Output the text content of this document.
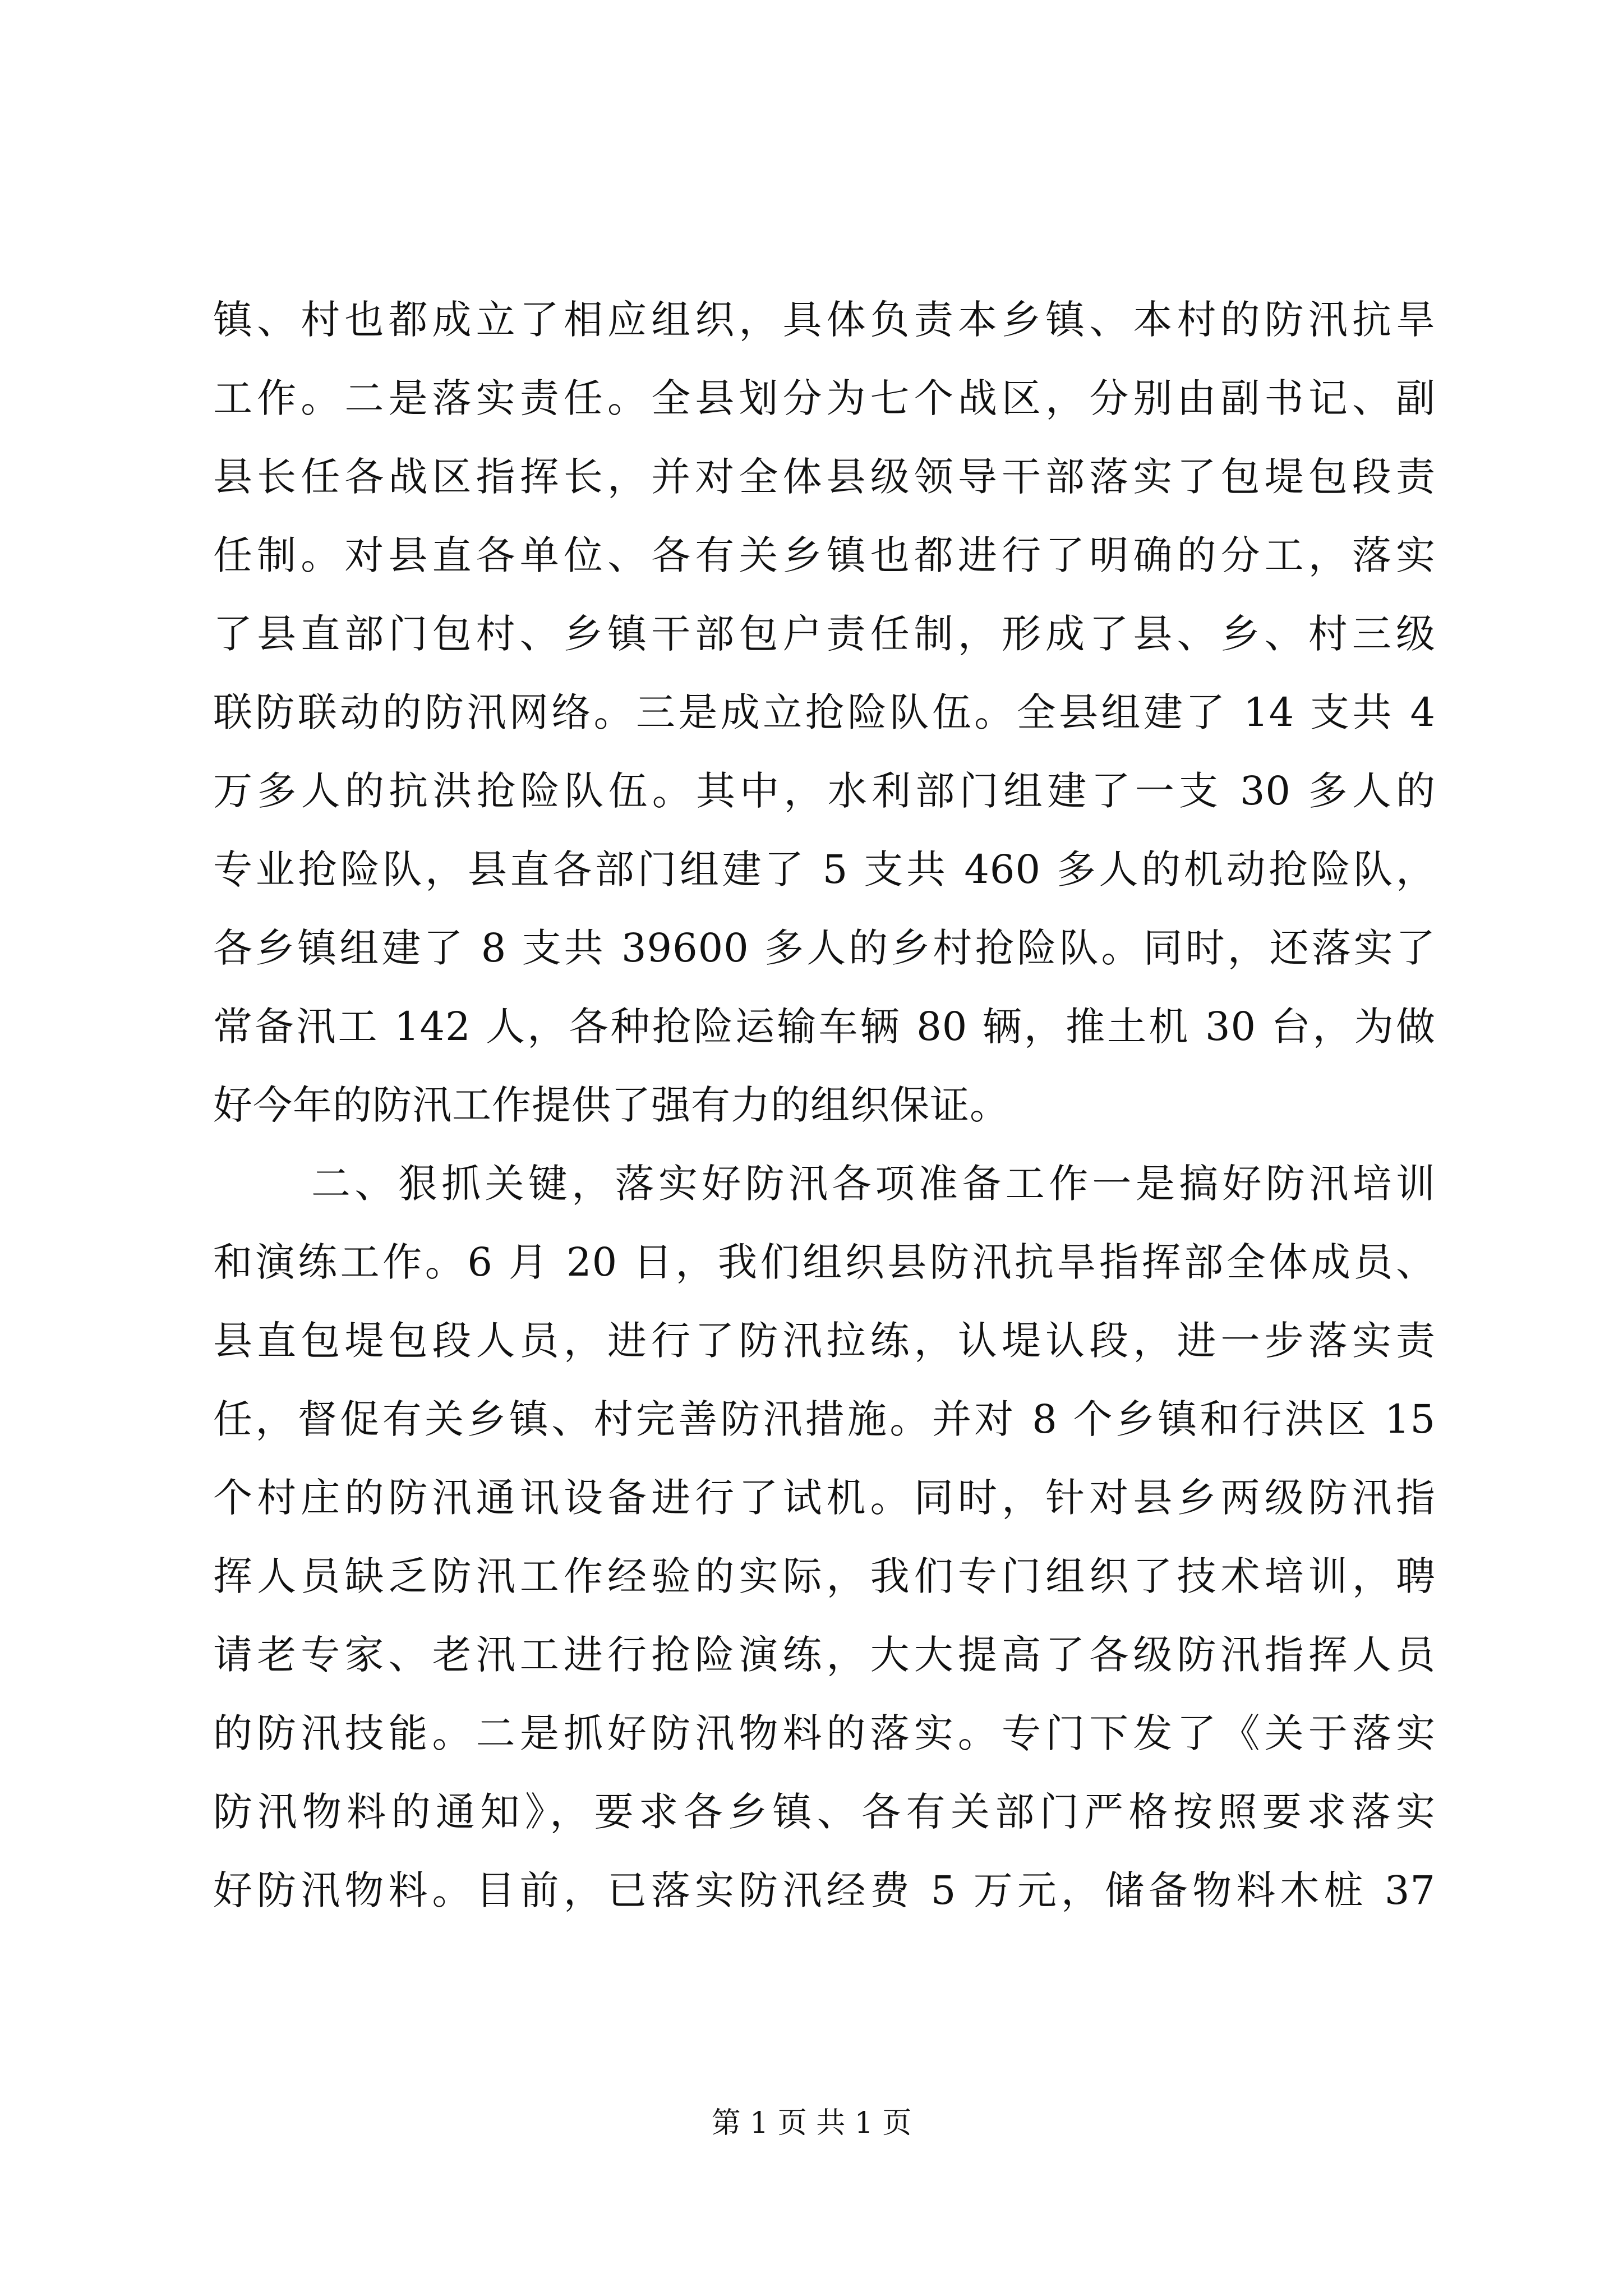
镇、村也都成立了相应组织，具体负责本乡镇、本村的防汛抗旱
工作。二是落实责任。全县划分为七个战区，分别由副书记、副
县长任各战区指挥长，并对全体县级领导干部落实了包堤包段责
任制。对县直各单位、各有关乡镇也都进行了明确的分工，落实
了县直部门包村、乡镇干部包户责任制，形成了县、乡、村三级
联防联动的防汛网络。三是成立抢险队伍。全县组建了 14 支共 4
万多人的抗洪抢险队伍。其中，水利部门组建了一支 30 多人的
专业抢险队，县直各部门组建了 5 支共 460 多人的机动抢险队，
各乡镇组建了 8 支共 39600 多人的乡村抢险队。同时，还落实了
常备汛工 142 人，各种抢险运输车辆 80 辆，推土机 30 台，为做
好今年的防汛工作提供了强有力的组织保证。
二、狠抓关键，落实好防汛各项准备工作一是搞好防汛培训
和演练工作。6 月 20 日，我们组织县防汛抗旱指挥部全体成员、
县直包堤包段人员，进行了防汛拉练，认堤认段，进一步落实责
任，督促有关乡镇、村完善防汛措施。并对 8 个乡镇和行洪区 15
个村庄的防汛通讯设备进行了试机。同时，针对县乡两级防汛指
挥人员缺乏防汛工作经验的实际，我们专门组织了技术培训，聘
请老专家、老汛工进行抢险演练，大大提高了各级防汛指挥人员
的防汛技能。二是抓好防汛物料的落实。专门下发了《关于落实
防汛物料的通知》，要求各乡镇、各有关部门严格按照要求落实
好防汛物料。目前，已落实防汛经费 5 万元，储备物料木桩 37
第 1 页 共 1 页
